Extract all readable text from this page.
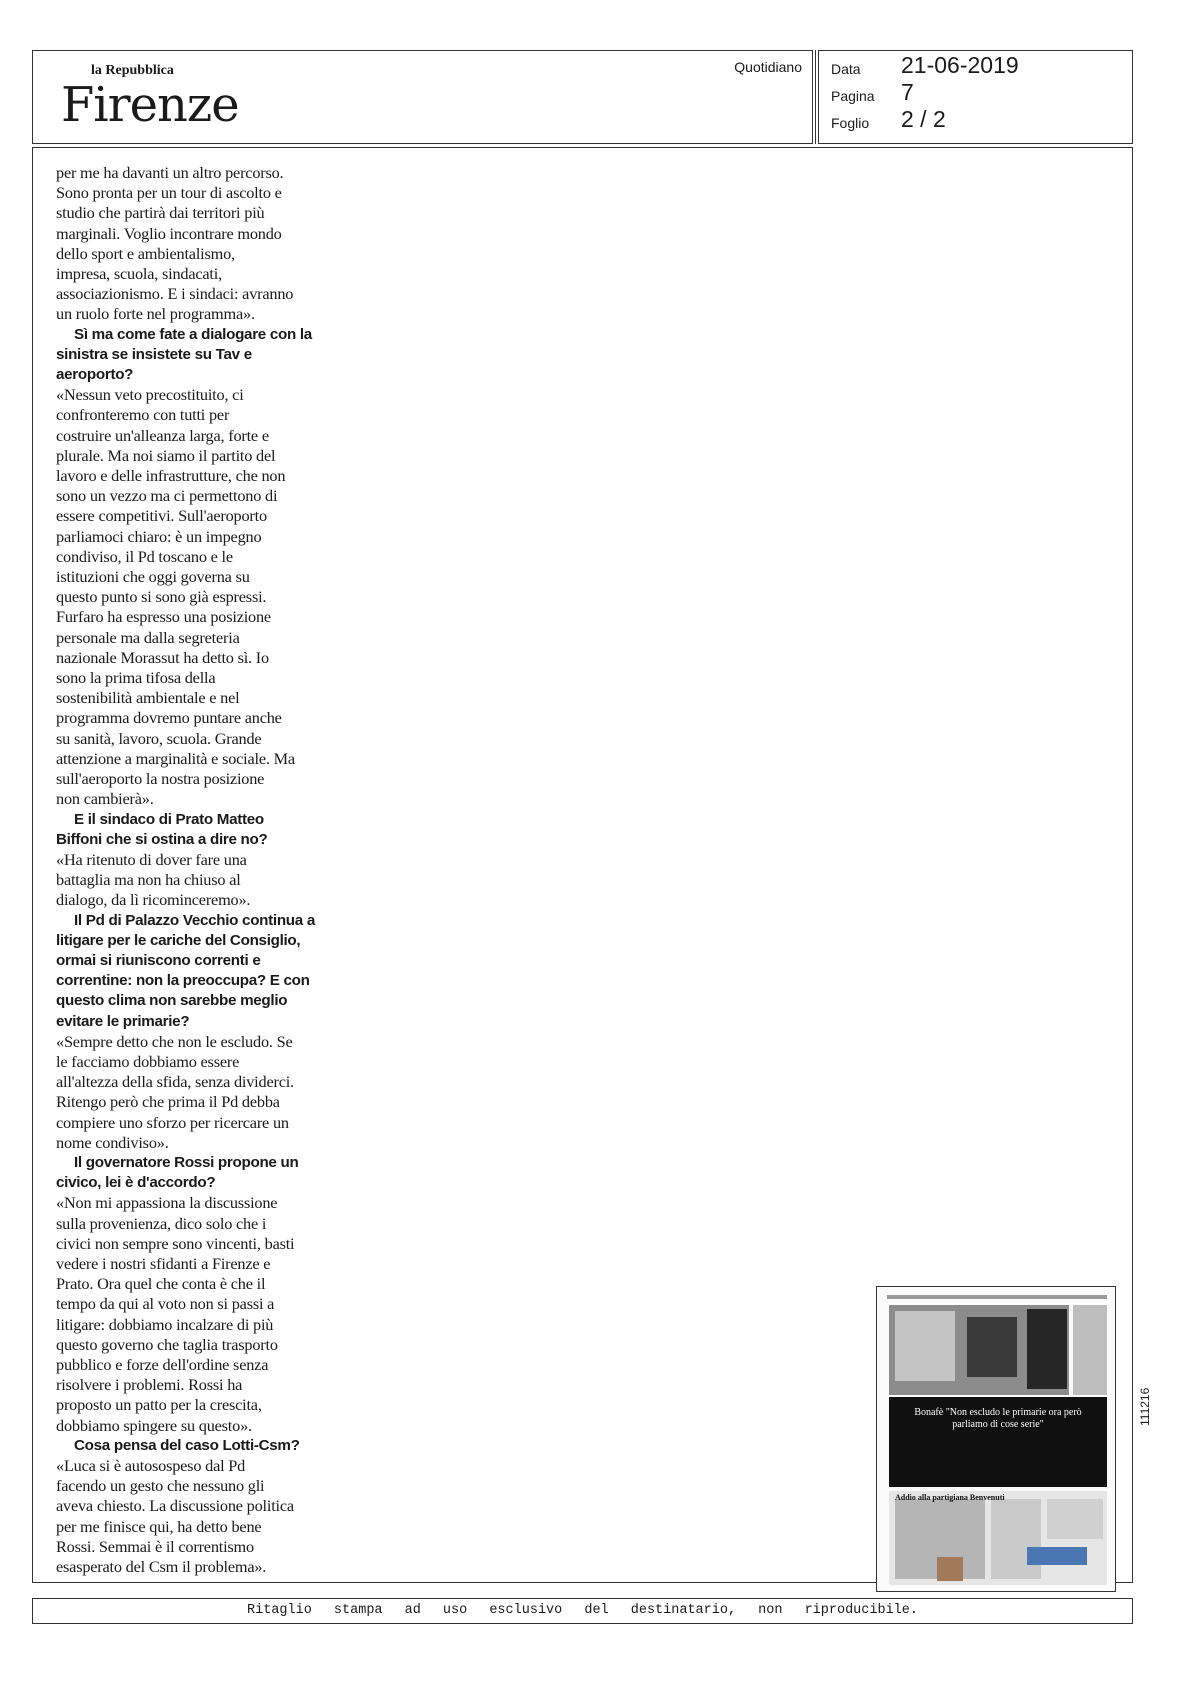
la Repubblica
Firenze
Quotidiano Data 21-06-2019
Pagina 7
Foglio 2 / 2
per me ha davanti un altro percorso.
Sono pronta per un tour di ascolto e
studio che partirà dai territori più
marginali. Voglio incontrare mondo
dello sport e ambientalismo,
impresa, scuola, sindacati,
associazionismo. E i sindaci: avranno
un ruolo forte nel programma».
Sì ma come fate a dialogare con la
sinistra se insistete su Tav e
aeroporto?
«Nessun veto precostituito, ci
confronteremo con tutti per
costruire un'alleanza larga, forte e
plurale. Ma noi siamo il partito del
lavoro e delle infrastrutture, che non
sono un vezzo ma ci permettono di
essere competitivi. Sull'aeroporto
parliamoci chiaro: è un impegno
condiviso, il Pd toscano e le
istituzioni che oggi governa su
questo punto si sono già espressi.
Furfaro ha espresso una posizione
personale ma dalla segreteria
nazionale Morassut ha detto sì. Io
sono la prima tifosa della
sostenibilità ambientale e nel
programma dovremo puntare anche
su sanità, lavoro, scuola. Grande
attenzione a marginalità e sociale. Ma
sull'aeroporto la nostra posizione
non cambierà».
E il sindaco di Prato Matteo
Biffoni che si ostina a dire no?
«Ha ritenuto di dover fare una
battaglia ma non ha chiuso al
dialogo, da lì ricominceremo».
Il Pd di Palazzo Vecchio continua a
litigare per le cariche del Consiglio,
ormai si riuniscono correnti e
correntine: non la preoccupa? E con
questo clima non sarebbe meglio
evitare le primarie?
«Sempre detto che non le escludo. Se
le facciamo dobbiamo essere
all'altezza della sfida, senza dividerci.
Ritengo però che prima il Pd debba
compiere uno sforzo per ricercare un
nome condiviso».
Il governatore Rossi propone un
civico, lei è d'accordo?
«Non mi appassiona la discussione
sulla provenienza, dico solo che i
civici non sempre sono vincenti, basti
vedere i nostri sfidanti a Firenze e
Prato. Ora quel che conta è che il
tempo da qui al voto non si passi a
litigare: dobbiamo incalzare di più
questo governo che taglia trasporto
pubblico e forze dell'ordine senza
risolvere i problemi. Rossi ha
proposto un patto per la crescita,
dobbiamo spingere su questo».
Cosa pensa del caso Lotti-Csm?
«Luca si è autosospeso dal Pd
facendo un gesto che nessuno gli
aveva chiesto. La discussione politica
per me finisce qui, ha detto bene
Rossi. Semmai è il correntismo
esasperato del Csm il problema».
Bonafè "Non escludo le primarie ora però parliamo di cose serie"
Addio alla partigiana Benvenuti
111216
Ritaglio stampa ad uso esclusivo del destinatario, non riproducibile.
